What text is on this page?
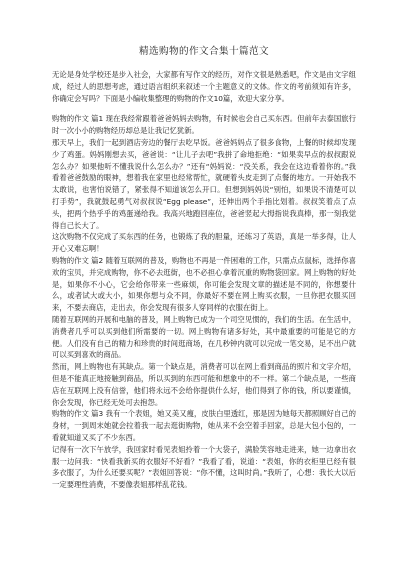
精选购物的作文合集十篇范文

无论是身处学校还是步入社会，大家都有写作文的经历，对作文很是熟悉吧，作文是由文字组成，经过人的思想考虑，通过语言组织来叙述一个主题意义的文体。作文的考前须知有许多，你确定会写吗？下面是小编收集整理的购物的作文10篇，欢迎大家分享。

购物的作文 篇1 现在我经常跟着爸爸妈妈去购物，有时候也会自己买东西。但前年去泰国旅行时一次小小的购物经历却总是让我记忆犹新。

那天早上，我们一起到酒店旁边的餐厅去吃早饭。爸爸妈妈点了很多食物，上餐的时候却发现少了鸡蛋。妈妈刚想去买，爸爸说：“让儿子去吧”我拼了命地拒绝：“如果卖早点的叔叔跟说怎么办？如果他听不懂我说什么怎么办？”还有“妈妈说：“没关系，我会在这边看着你的。”我看着爸爸鼓励的眼神，想着我在家里也经常帮忙，就硬着头皮走到了点餐的地方。一开始我不太敢说，也害怕说错了，紧张得不知道该怎么开口。但想到妈妈说“别怕，如果说不清楚可以打手势”，我就鼓起勇气对叔叔说“Egg please”，还伸出两个手指比划着。叔叔笑着点了点头，把两个热乎乎的鸡蛋递给我。我高兴地跑回座位，爸爸竖起大拇指说我真棒，那一刻我觉得自己长大了。

这次购物不仅完成了买东西的任务，也锻炼了我的胆量，还练习了英语，真是一举多得，让人开心又难忘啊！

购物的作文 篇2 随着互联网的普及，购物也不再是一件困难的工作，只需点点鼠标，选择你喜欢的宝贝，并完成购物，你不必去逛街，也不必担心拿着沉重的购物袋回家。网上购物的好处是，如果你不小心，它会给你带来一些麻烦，你可能会发现文章的描述是不同的，你想要什么，或者试大或大小，如果你想与众不同，你最好不要在网上购买衣服，一旦你把衣服买回来，不要去商店，走出去，你会发现有很多人穿同样的衣服在街上。

随着互联网的开展和电脑的普及，网上购物已成为一个司空见惯的，我们的生活。在生活中，消费者几乎可以买到他们所需要的一切。网上购物有诸多好处，其中最重要的可能是它的方便。人们没有自己的精力和珍贵的时间逛商场，在几秒钟内就可以完成一笔交易，足不出户就可以买到喜欢的商品。

然而，网上购物也有其缺点。第一个缺点是，消费者可以在网上看到商品的照片和文字介绍，但是不能真正地接触到商品，所以买到的东西可能和想象中的不一样。第二个缺点是，一些商店在互联网上没有信誉，他们将永远不会给你提供什么好，他们得到了你的钱，所以要谨慎，你会发现，你已经无处可去抱怨。

购物的作文 篇3 我有一个表姐，她又美又瘦，皮肤白里透红，那是因为她每天都照顾好自己的身材，一到周末她就会拉着我一起去逛街购物，她从来不会空着手回家，总是大包小包的，一看就知道又买了不少东西。

记得有一次下午放学，我回家时看见表姐拎着一个大袋子，满脸笑容地走进来，她一边拿出衣服一边问我：“快看我新买的衣服好不好看？”我看了看，说道：“表姐，你的衣柜里已经有很多衣服了，为什么还要买呢？”表姐回答说：“你不懂，这叫时尚。”我听了，心想：我长大以后一定要理性消费，不要像表姐那样乱花钱。
